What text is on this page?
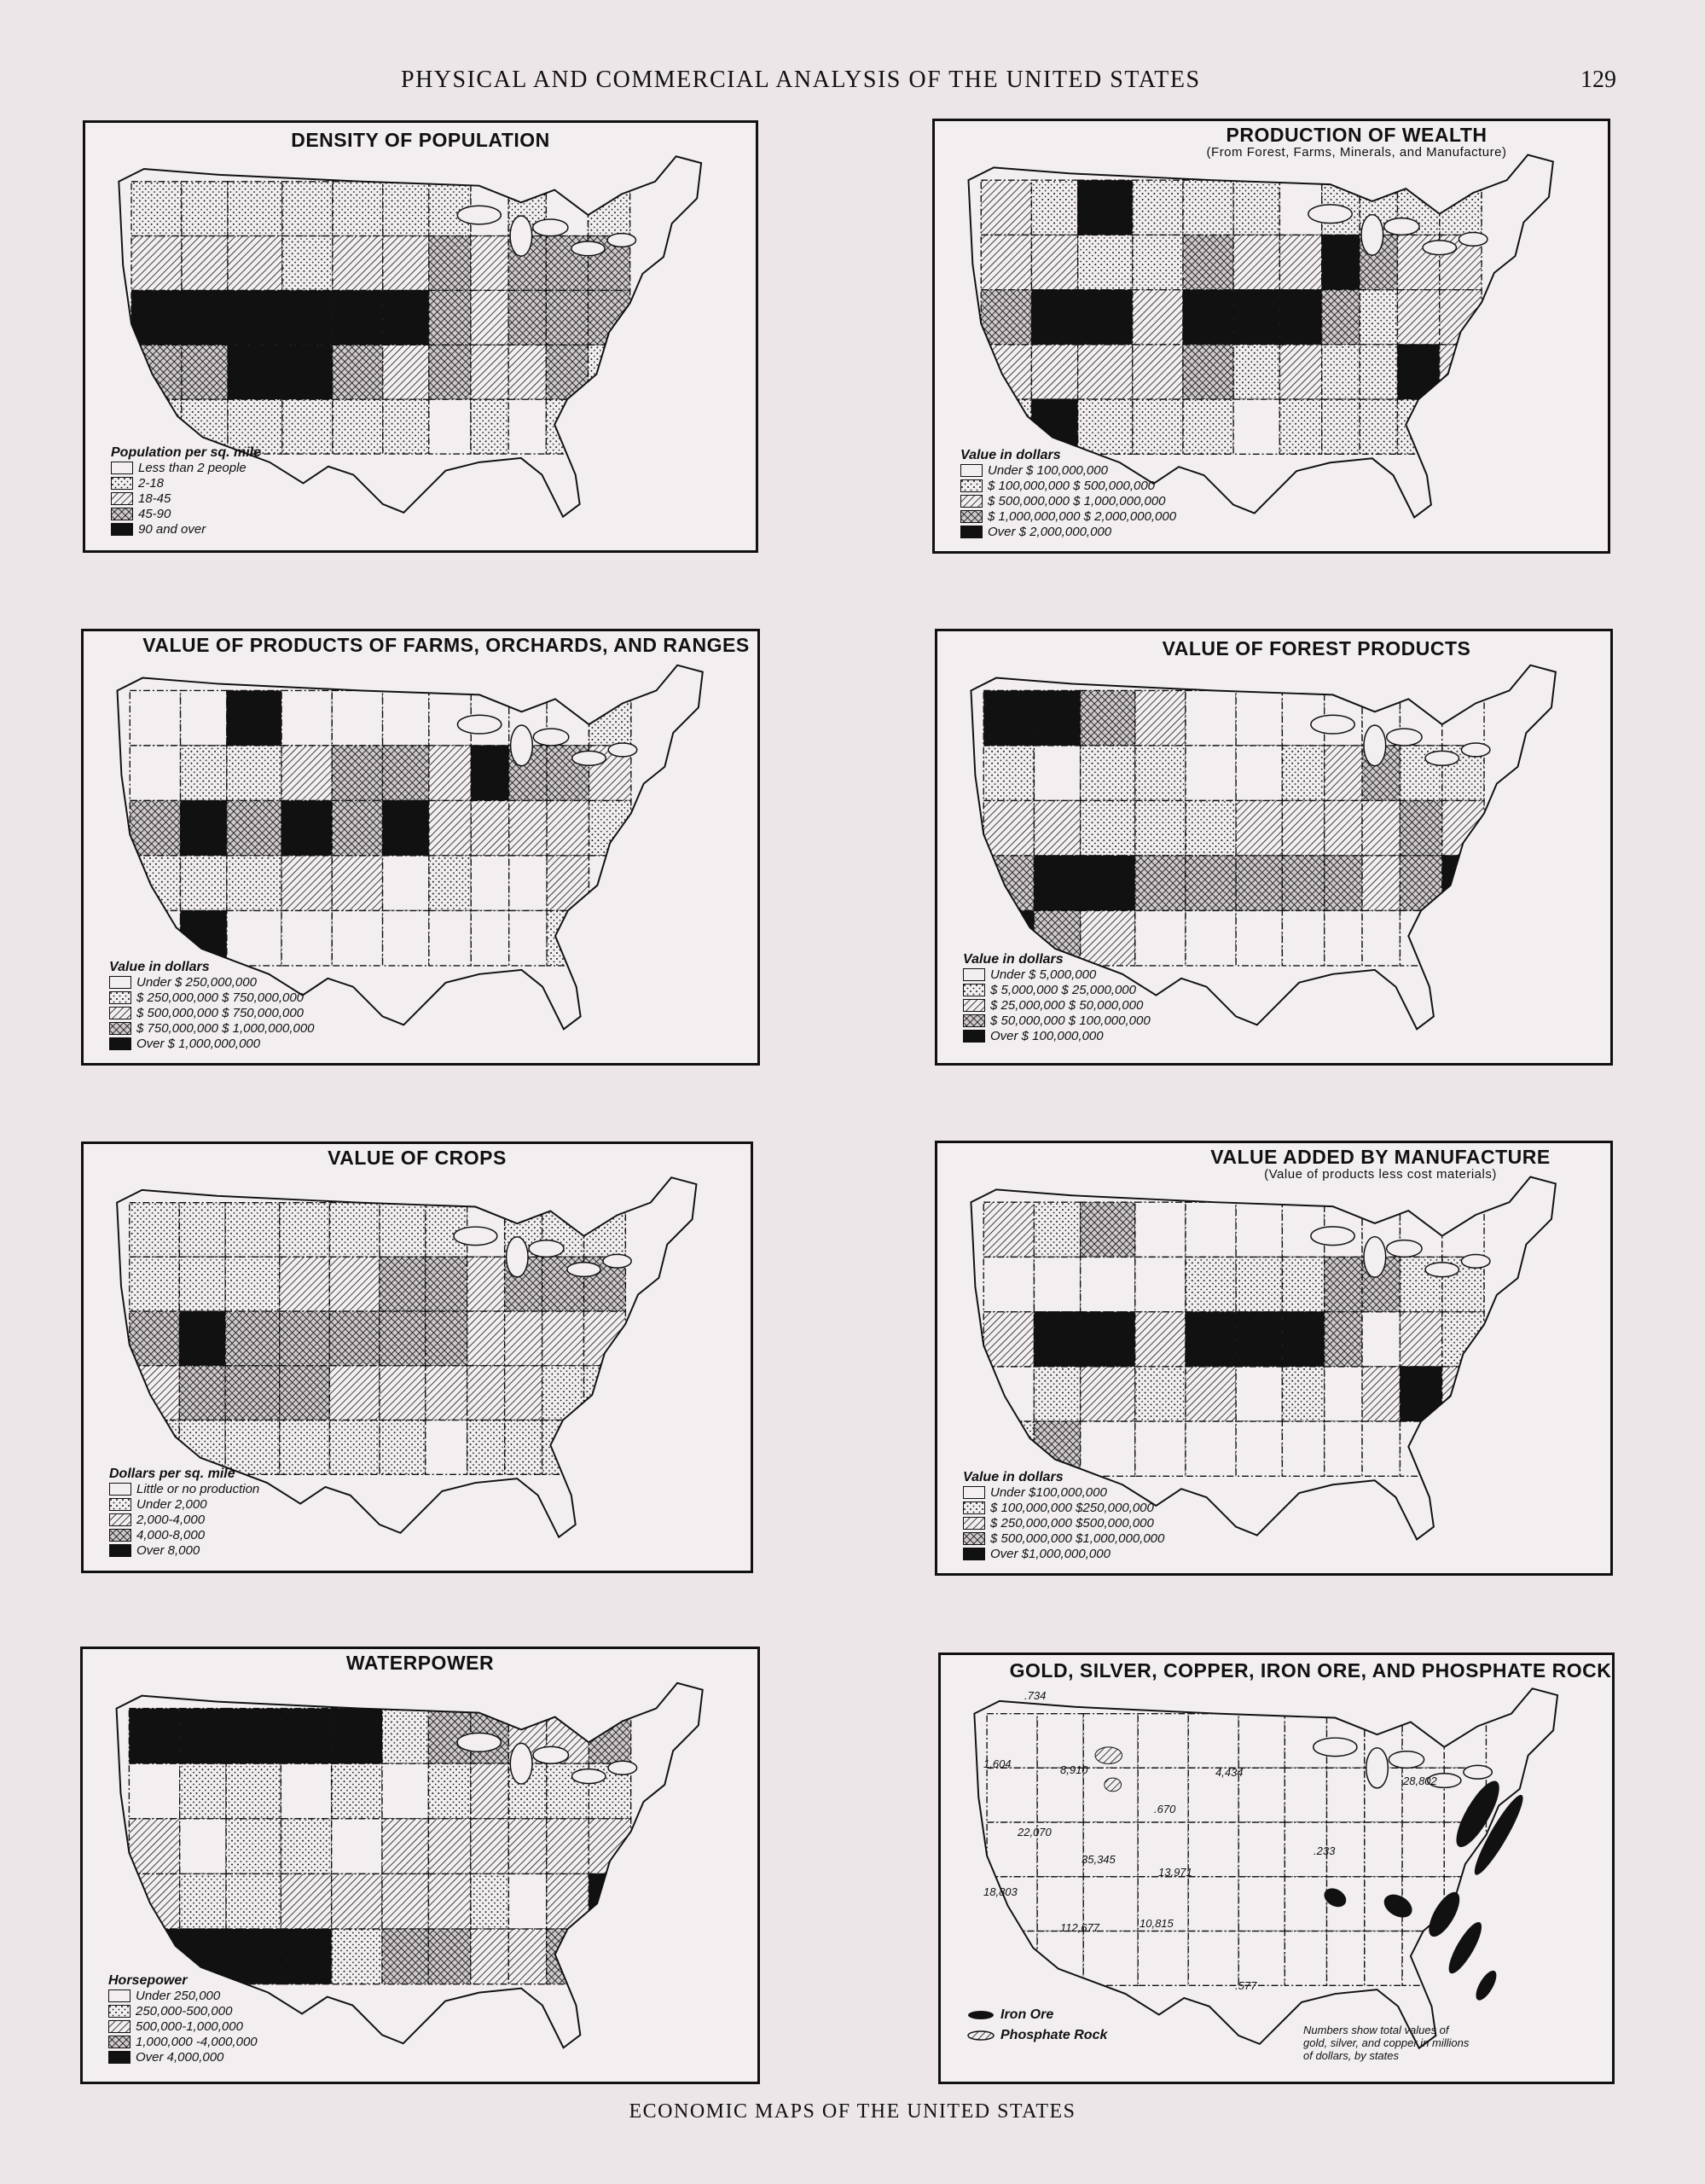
PHYSICAL AND COMMERCIAL ANALYSIS OF THE UNITED STATES	129
DENSITY OF POPULATION
Population per sq. mile
Less than 2 people
2-18
18-45
45-90
90 and over
PRODUCTION OF WEALTH
(From Forest, Farms, Minerals, and Manufacture)
Value in dollars
Under $ 100,000,000
$ 100,000,000 $ 500,000,000
$ 500,000,000 $ 1,000,000,000
$ 1,000,000,000 $ 2,000,000,000
Over $ 2,000,000,000
VALUE OF PRODUCTS OF FARMS, ORCHARDS, AND RANGES
Value in dollars
Under $ 250,000,000
$ 250,000,000 $ 750,000,000
$ 500,000,000 $ 750,000,000
$ 750,000,000 $ 1,000,000,000
Over $ 1,000,000,000
VALUE OF FOREST PRODUCTS
Value in dollars
Under $ 5,000,000
$ 5,000,000 $ 25,000,000
$ 25,000,000 $ 50,000,000
$ 50,000,000 $ 100,000,000
Over $ 100,000,000
VALUE OF CROPS
Dollars per sq. mile
Little or no production
Under 2,000
2,000-4,000
4,000-8,000
Over 8,000
VALUE ADDED BY MANUFACTURE
(Value of products less cost materials)
Value in dollars
Under $100,000,000
$ 100,000,000 $250,000,000
$ 250,000,000 $500,000,000
$ 500,000,000 $1,000,000,000
Over $1,000,000,000
WATERPOWER
Horsepower
Under 250,000
250,000-500,000
500,000-1,000,000
1,000,000 -4,000,000
Over 4,000,000
GOLD, SILVER, COPPER, IRON ORE, AND PHOSPHATE ROCK
.734
1,604	8,910	4,434
28,802
22,070
.670
35,345
13,971
18,803
112,677	10,815
.233
.577
Iron Ore
Phosphate Rock	Numbers show total values of gold, silver, and copper in millions of dollars, by states
ECONOMIC MAPS OF THE UNITED STATES
